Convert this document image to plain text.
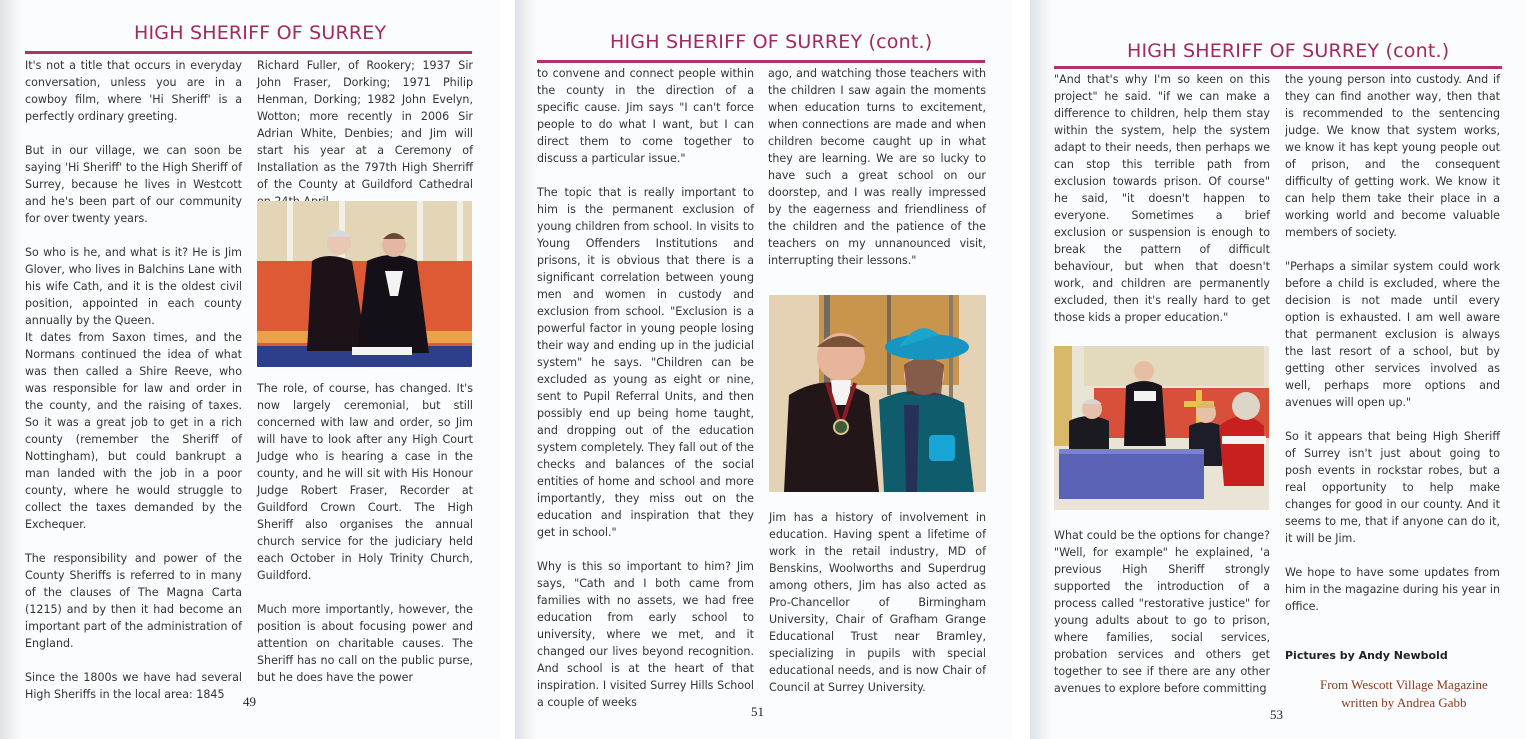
HIGH SHERIFF OF SURREY

It's not a title that occurs in everyday conversation, unless you are in a cowboy film, where 'Hi Sheriff' is a perfectly ordinary greeting.

But in our village, we can soon be saying 'Hi Sheriff' to the High Sheriff of Surrey, because he lives in Westcott and he's been part of our community for over twenty years.

So who is he, and what is it? He is Jim Glover, who lives in Balchins Lane with his wife Cath, and it is the oldest civil position, appointed in each county annually by the Queen.

It dates from Saxon times, and the Normans continued the idea of what was then called a Shire Reeve, who was responsible for law and order in the county, and the raising of taxes. So it was a great job to get in a rich county (remember the Sheriff of Nottingham), but could bankrupt a man landed with the job in a poor county, where he would struggle to collect the taxes demanded by the Exchequer.

The responsibility and power of the County Sheriffs is referred to in many of the clauses of The Magna Carta (1215) and by then it had become an important part of the administration of England.

Since the 1800s we have had several High Sheriffs in the local area: 1845

Richard Fuller, of Rookery; 1937 Sir John Fraser, Dorking; 1971 Philip Henman, Dorking; 1982 John Evelyn, Wotton; more recently in 2006 Sir Adrian White, Denbies; and Jim will start his year at a Ceremony of Installation as the 797th High Sherriff of the County at Guildford Cathedral

The role, of course, has changed. It's now largely ceremonial, but still concerned with law and order, so Jim will have to look after any High Court Judge who is hearing a case in the county, and he will sit with His Honour Judge Robert Fraser, Recorder at Guildford Crown Court. The High Sheriff also organises the annual church service for the judiciary held each October in Holy Trinity Church, Guildford.

Much more importantly, however, the position is about focusing power and attention on charitable causes. The Sheriff has no call on the public purse, but he does have the power

49
HIGH SHERIFF OF SURREY (cont.)

to convene and connect people within the county in the direction of a specific cause. Jim says "I can't force people to do what I want, but I can direct them to come together to discuss a particular issue."

The topic that is really important to him is the permanent exclusion of young children from school. In visits to Young Offenders Institutions and prisons, it is obvious that there is a significant correlation between young men and women in custody and exclusion from school. "Exclusion is a powerful factor in young people losing their way and ending up in the judicial system" he says. "Children can be excluded as young as eight or nine, sent to Pupil Referral Units, and then possibly end up being home taught, and dropping out of the education system completely. They fall out of the checks and balances of the social entities of home and school and more importantly, they miss out on the education and inspiration that they get in school."

Why is this so important to him? Jim says, "Cath and I both came from families with no assets, we had free education from early school to university, where we met, and it changed our lives beyond recognition. And school is at the heart of that inspiration. I visited Surrey Hills School a couple of weeks

ago, and watching those teachers with the children I saw again the moments when education turns to excitement, when connections are made and when children become caught up in what they are learning. We are so lucky to have such a great school on our doorstep, and I was really impressed by the eagerness and friendliness of the children and the patience of the teachers on my unnanounced visit, interrupting their lessons."

Jim has a history of involvement in education. Having spent a lifetime of work in the retail industry, MD of Benskins, Woolworths and Superdrug among others, Jim has also acted as Pro-Chancellor of Birmingham University, Chair of Grafham Grange Educational Trust near Bramley, specializing in pupils with special educational needs, and is now Chair of Council at Surrey University.

51
HIGH SHERIFF OF SURREY (cont.)

"And that's why I'm so keen on this project" he said. "if we can make a difference to children, help them stay within the system, help the system adapt to their needs, then perhaps we can stop this terrible path from exclusion towards prison. Of course" he said, "it doesn't happen to everyone. Sometimes a brief exclusion or suspension is enough to break the pattern of difficult behaviour, but when that doesn't work, and children are permanently excluded, then it's really hard to get those kids a proper education."

What could be the options for change? "Well, for example" he explained, 'a previous High Sheriff strongly supported the introduction of a process called "restorative justice" for young adults about to go to prison, where families, social services, probation services and others get together to see if there are any other avenues to explore before committing

the young person into custody. And if they can find another way, then that is recommended to the sentencing judge. We know that system works, we know it has kept young people out of prison, and the consequent difficulty of getting work. We know it can help them take their place in a working world and become valuable members of society.

"Perhaps a similar system could work before a child is excluded, where the decision is not made until every option is exhausted. I am well aware that permanent exclusion is always the last resort of a school, but by getting other services involved as well, perhaps more options and avenues will open up."

So it appears that being High Sheriff of Surrey isn't just about going to posh events in rockstar robes, but a real opportunity to help make changes for good in our county. And it seems to me, that if anyone can do it, it will be Jim.

We hope to have some updates from him in the magazine during his year in office.

Pictures by Andy Newbold
From Wescott Village Magazine
written by Andrea Gabb
53
